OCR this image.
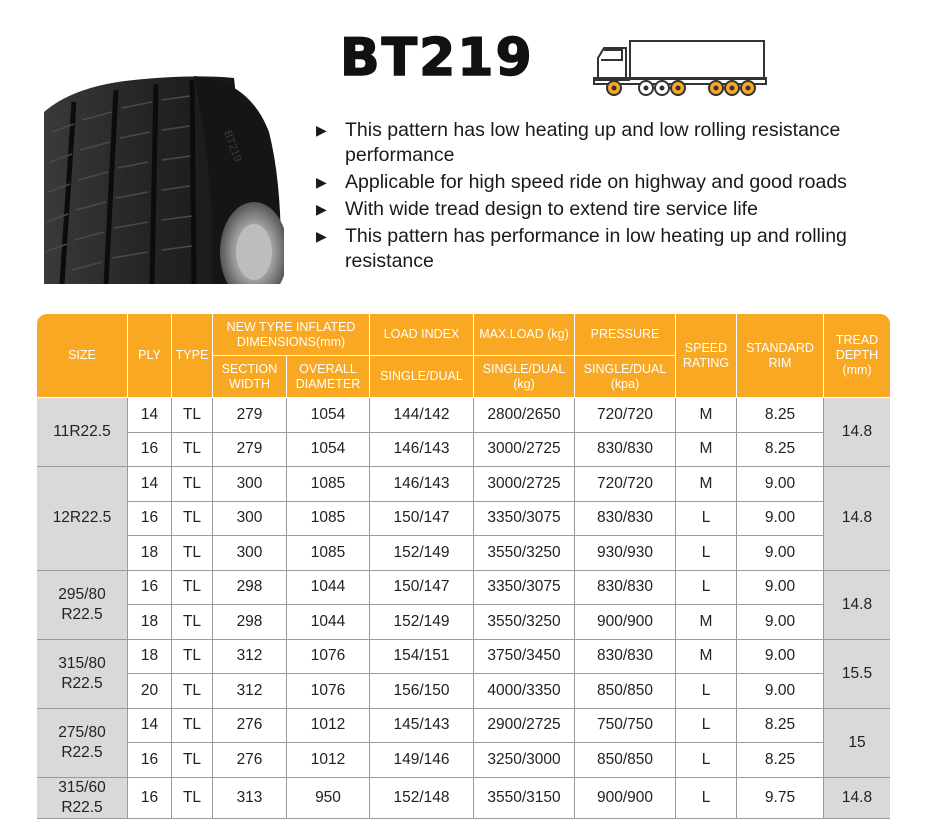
BT219
BT219
▶ This pattern has low heating up and low rolling resistance performance
▶ Applicable for high speed ride on highway and good roads
▶ With wide tread design to extend tire service life
▶ This pattern has performance in low heating up and rolling resistance
SIZE	PLY	TYPE	NEW TYRE INFLATED DIMENSIONS(mm)		LOAD INDEX	MAX.LOAD (kg)	PRESSURE	SPEED RATING	STANDARD RIM	TREAD DEPTH (mm)
			SECTION WIDTH	OVERALL DIAMETER	SINGLE/DUAL	SINGLE/DUAL (kg)	SINGLE/DUAL (kpa)			
11R22.5	14	TL	279	1054	144/142	2800/2650	720/720	M	8.25	14.8
	16	TL	279	1054	146/143	3000/2725	830/830	M	8.25	
12R22.5	14	TL	300	1085	146/143	3000/2725	720/720	M	9.00	14.8
	16	TL	300	1085	150/147	3350/3075	830/830	L	9.00	
	18	TL	300	1085	152/149	3550/3250	930/930	L	9.00	
295/80 R22.5	16	TL	298	1044	150/147	3350/3075	830/830	L	9.00	14.8
	18	TL	298	1044	152/149	3550/3250	900/900	M	9.00	
315/80 R22.5	18	TL	312	1076	154/151	3750/3450	830/830	M	9.00	15.5
	20	TL	312	1076	156/150	4000/3350	850/850	L	9.00	
275/80 R22.5	14	TL	276	1012	145/143	2900/2725	750/750	L	8.25	15
	16	TL	276	1012	149/146	3250/3000	850/850	L	8.25	
315/60 R22.5	16	TL	313	950	152/148	3550/3150	900/900	L	9.75	14.8
